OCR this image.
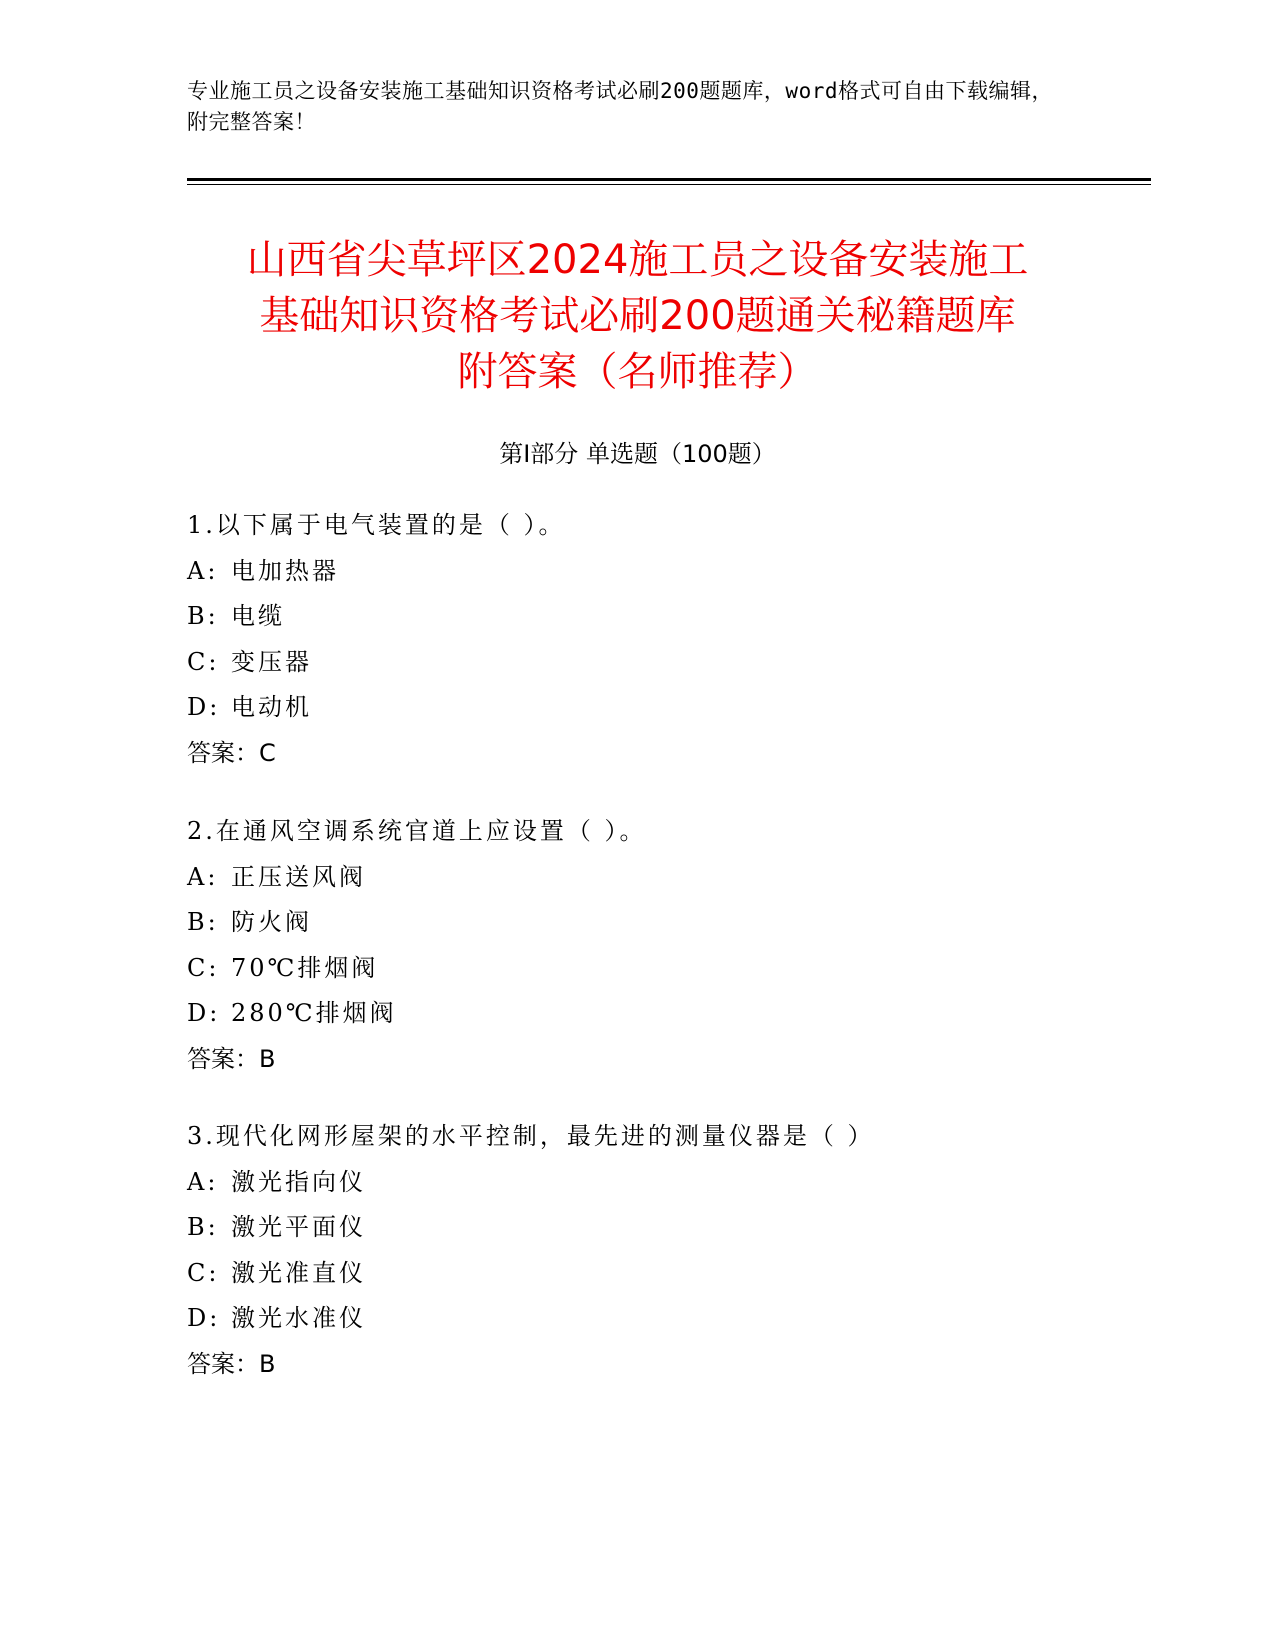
专业施工员之设备安装施工基础知识资格考试必刷200题题库，word格式可自由下载编辑，附完整答案！
山西省尖草坪区2024施工员之设备安装施工
基础知识资格考试必刷200题通关秘籍题库
附答案（名师推荐）
第Ⅰ部分 单选题（100题）
1.以下属于电气装置的是（ ）。
A: 电加热器
B: 电缆
C: 变压器
D: 电动机
答案：C
2.在通风空调系统官道上应设置（ ）。
A: 正压送风阀
B: 防火阀
C: 70℃排烟阀
D: 280℃排烟阀
答案：B
3.现代化网形屋架的水平控制，最先进的测量仪器是（ ）
A: 激光指向仪
B: 激光平面仪
C: 激光准直仪
D: 激光水准仪
答案：B
